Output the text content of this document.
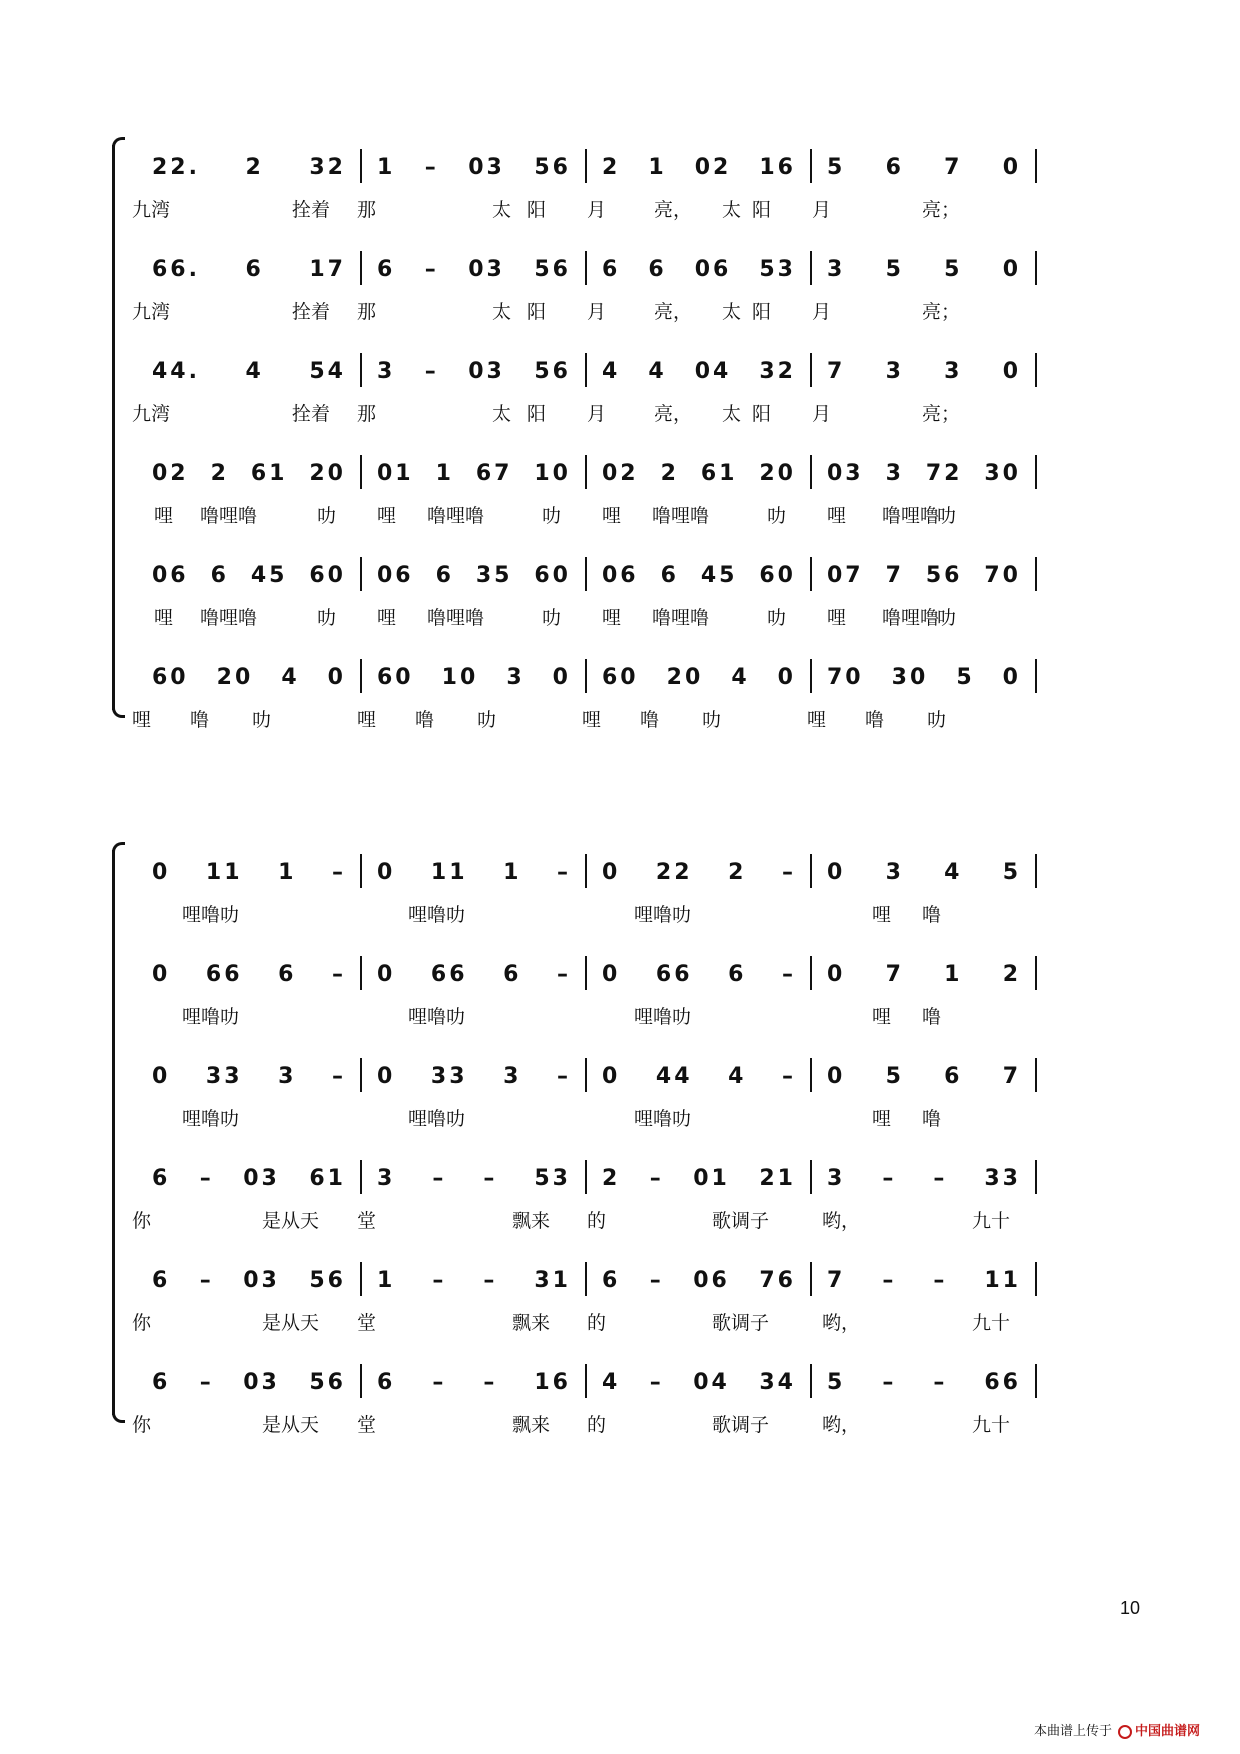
22. 2 32 1 – 03 56 2 1 02 16 5 6 7 0
九湾	拴着 那	太 阳 月	亮， 太 阳 月	亮；
66. 6 17 6 – 03 56 6 6 06 53 3 5 5 0
九湾	拴着 那	太 阳 月	亮， 太 阳 月	亮；
44. 4 54 3 – 03 56 4 4 04 32 7 3 3 0
九湾	拴着 那	太 阳 月	亮， 太 阳 月	亮；
02 2 61 20 01 1 67 10 02 2 61 20 03 3 72 30
哩 噜哩噜	叻 哩 噜哩噜	叻 哩 噜哩噜	叻 哩 噜哩噜
叻
06 6 45 60 06 6 35 60 06 6 45 60 07 7 56 70
哩 噜哩噜	叻 哩 噜哩噜	叻 哩 噜哩噜	叻 哩 噜哩噜
叻
60 20 4 0 60 10 3 0 60 20 4 0 70 30 5 0
哩 噜 叻	哩 噜 叻	哩 噜 叻	哩 噜 叻
0 11 1 – 0 11 1 – 0 22 2 – 0 3 4 5
哩噜叻	哩噜叻	哩噜叻	哩 噜
0 66 6 – 0 66 6 – 0 66 6 – 0 7 1 2
哩噜叻	哩噜叻	哩噜叻	哩 噜
0 33 3 – 0 33 3 – 0 44 4 – 0 5 6 7
哩噜叻	哩噜叻	哩噜叻	哩 噜
6 – 03 61 3 – – 53 2 – 01 21 3 – – 33
你	是从天 堂	飘来 的	歌调子	哟，	九十
6 – 03 56 1 – – 31 6 – 06 76 7 – – 11
你	是从天 堂	飘来 的	歌调子	哟，	九十
6 – 03 56 6 – – 16 4 – 04 34 5 – – 66
你	是从天 堂	飘来 的	歌调子	哟，	九十
10
本曲谱上传于	中国曲谱网
